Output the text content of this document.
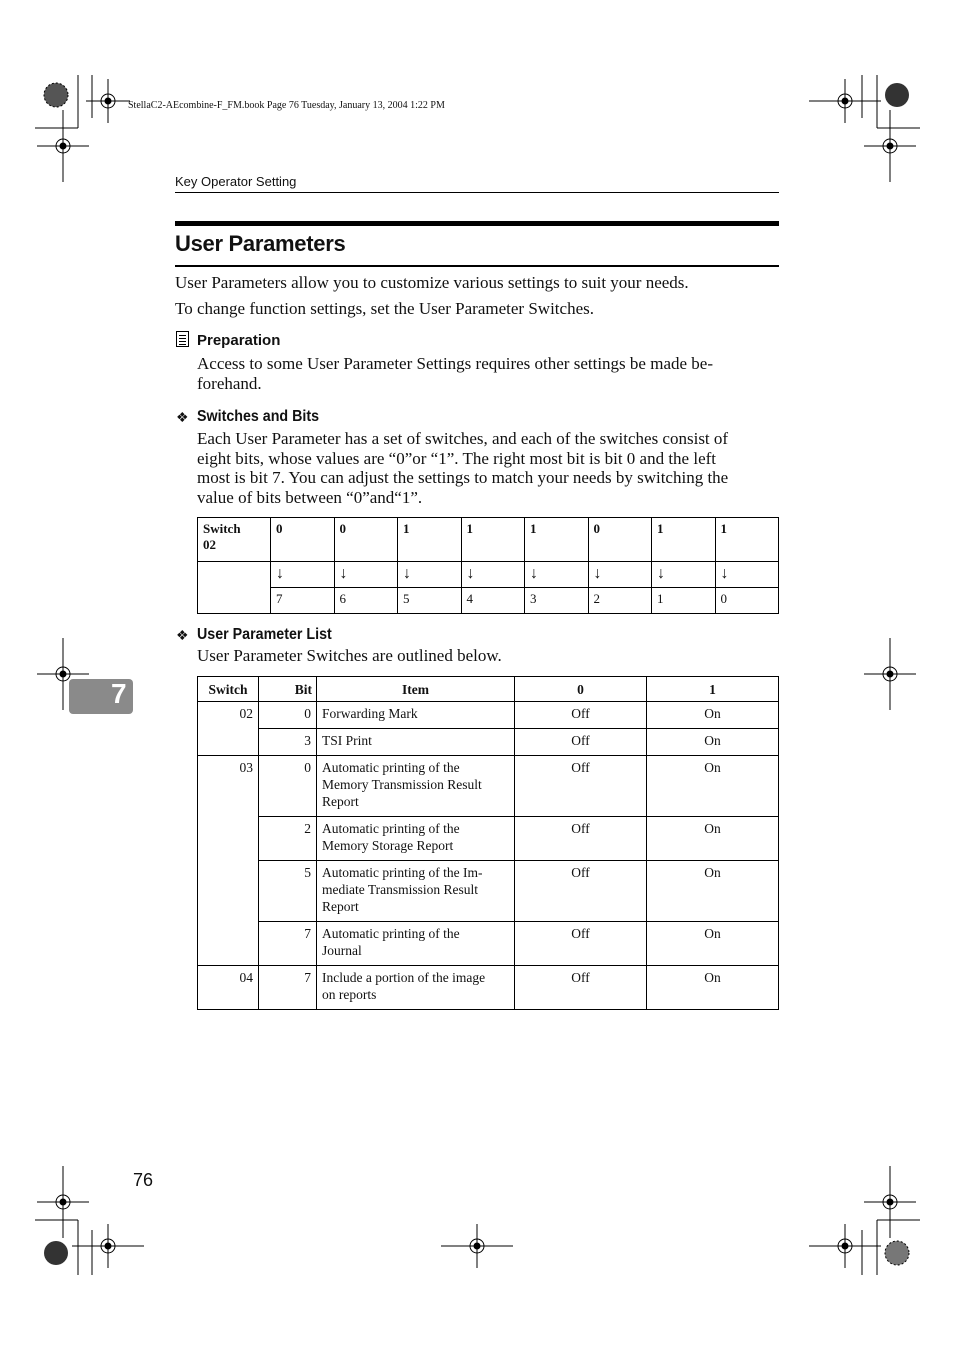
StellaC2-AEcombine-F_FM.book Page 76 Tuesday, January 13, 2004 1:22 PM
Key Operator Setting
User Parameters
User Parameters allow you to customize various settings to suit your needs.
To change function settings, set the User Parameter Switches.
Preparation
Access to some User Parameter Settings requires other settings be made be-
forehand.
❖ Switches and Bits
Each User Parameter has a set of switches, and each of the switches consist of
eight bits, whose values are “0”or “1”. The right most bit is bit 0 and the left
most is bit 7. You can adjust the settings to match your needs by switching the
value of bits between “0”and“1”.
Switch
02	0	0	1	1	1	0	1	1
	↓	↓	↓	↓	↓	↓	↓	↓
	7	6	5	4	3	2	1	0
❖ User Parameter List
User Parameter Switches are outlined below.
Switch	Bit	Item	0	1
02	0	Forwarding Mark	Off	On
	3	TSI Print	Off	On
03	0	Automatic printing of the
Memory Transmission Result
Report	Off	On
	2	Automatic printing of the
Memory Storage Report	Off	On
	5	Automatic printing of the Im-
mediate Transmission Result
Report	Off	On
	7	Automatic printing of the
Journal	Off	On
04	7	Include a portion of the image
on reports	Off	On
7
76
